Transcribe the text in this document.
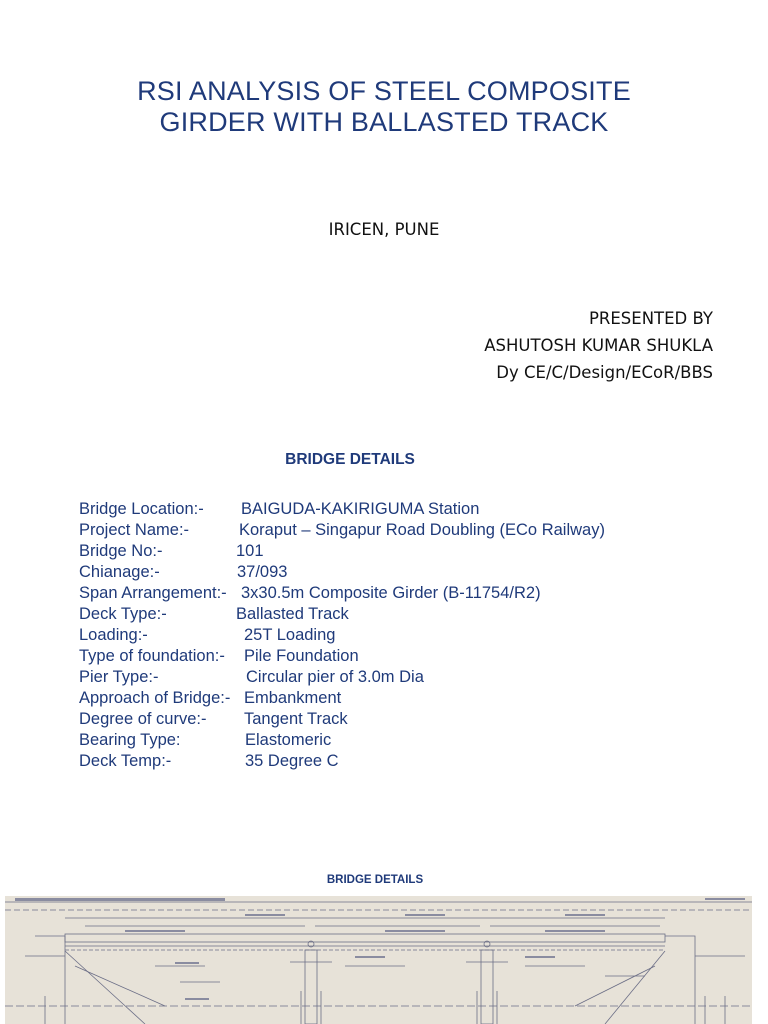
RSI ANALYSIS OF STEEL COMPOSITE
GIRDER WITH BALLASTED TRACK
IRICEN, PUNE
PRESENTED BY
ASHUTOSH KUMAR SHUKLA
Dy CE/C/Design/ECoR/BBS
BRIDGE DETAILS
Bridge Location:- BAIGUDA-KAKIRIGUMA Station
Project Name:-	Koraput – Singapur Road Doubling (ECo Railway)
Bridge No:-	101
Chianage:-	37/093
Span Arrangement:- 3x30.5m Composite Girder (B-11754/R2)
Deck Type:-	Ballasted Track
Loading:-	25T Loading
Type of foundation:- Pile Foundation
Pier Type:-	Circular pier of 3.0m Dia
Approach of Bridge:- Embankment
Degree of curve:- Tangent Track
Bearing Type:	Elastomeric
Deck Temp:-	35 Degree C
BRIDGE DETAILS
